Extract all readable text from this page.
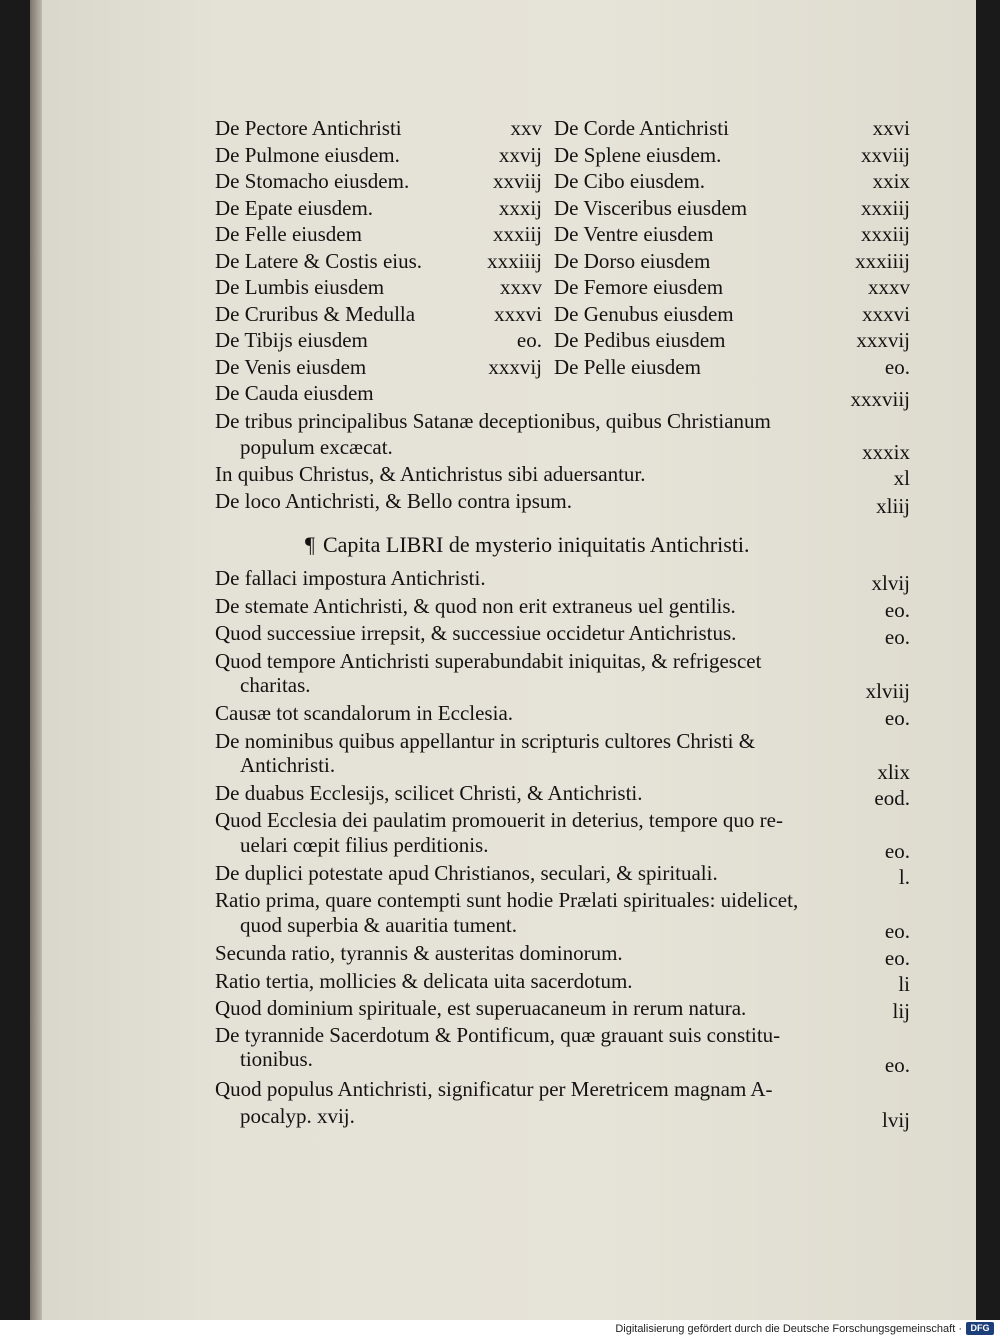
De Pectore Antichristi	xxv De Corde Antichristi	xxvi
De Pulmone eiusdem.	xxvij De Splene eiusdem.	xxviij
De Stomacho eiusdem.	xxviij De Cibo eiusdem.	xxix
De Epate eiusdem.	xxxij De Visceribus eiusdem	xxxiij
De Felle eiusdem	xxxiij De Ventre eiusdem	xxxiij
De Latere & Costis eius.	xxxiiij De Dorso eiusdem	xxxiiij
De Lumbis eiusdem	xxxv De Femore eiusdem	xxxv
De Cruribus & Medulla	xxxvi De Genubus eiusdem	xxxvi
De Tibijs eiusdem	eo. De Pedibus eiusdem	xxxvij
De Venis eiusdem	xxxvij De Pelle eiusdem	eo.
De Cauda eiusdem	xxxviij
De tribus principalibus Satanæ deceptionibus, quibus Christianum
populum excæcat.	xxxix
In quibus Christus, & Antichristus sibi aduersantur.	xl
De loco Antichristi, & Bello contra ipsum.	xliij
¶ Capita LIBRI de mysterio iniquitatis Antichristi.
De fallaci impostura Antichristi.	xlvij
De stemate Antichristi, & quod non erit extraneus uel gentilis.	eo.
Quod successiue irrepsit, & successiue occidetur Antichristus.	eo.
Quod tempore Antichristi superabundabit iniquitas, & refrigescet
charitas.	xlviij
Causæ tot scandalorum in Ecclesia.	eo.
De nominibus quibus appellantur in scripturis cultores Christi &
Antichristi.	xlix
De duabus Ecclesijs, scilicet Christi, & Antichristi.	eod.
Quod Ecclesia dei paulatim promouerit in deterius, tempore quo re-
uelari cœpit filius perditionis.	eo.
De duplici potestate apud Christianos, seculari, & spirituali.	l.
Ratio prima, quare contempti sunt hodie Prælati spirituales: uidelicet,
quod superbia & auaritia tument.	eo.
Secunda ratio, tyrannis & austeritas dominorum.	eo.
Ratio tertia, mollicies & delicata uita sacerdotum.	li
Quod dominium spirituale, est superuacaneum in rerum natura.	lij
De tyrannide Sacerdotum & Pontificum, quæ grauant suis constitu-
tionibus.	eo.
Quod populus Antichristi, significatur per Meretricem magnam A-
pocalyp. xvij.	lvij
Digitalisierung gefördert durch die Deutsche Forschungsgemeinschaft · DFG
